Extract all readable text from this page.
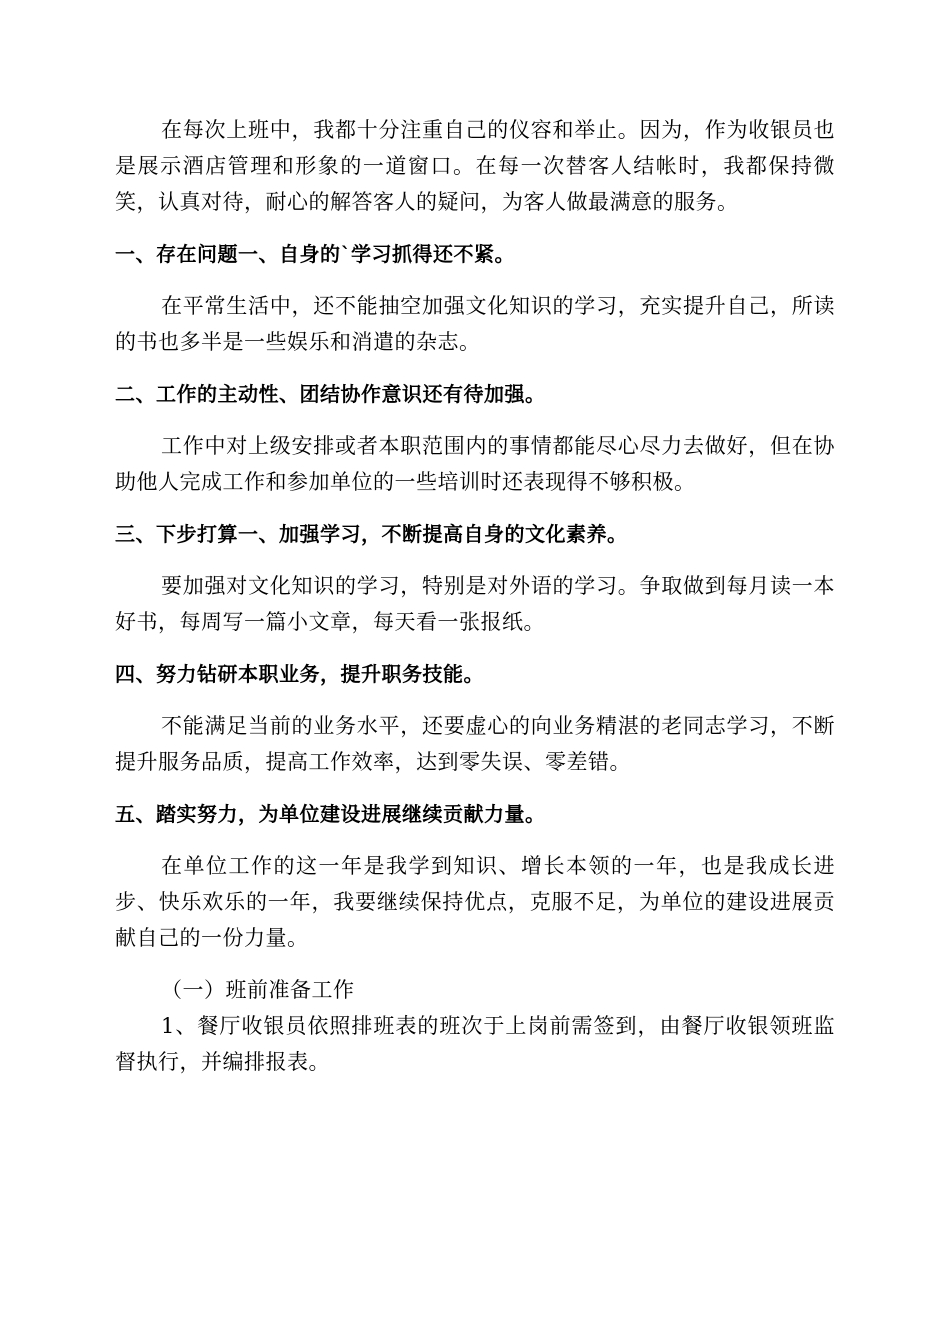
在每次上班中，我都十分注重自己的仪容和举止。因为，作为收银员也是展示酒店管理和形象的一道窗口。在每一次替客人结帐时，我都保持微笑，认真对待，耐心的解答客人的疑问，为客人做最满意的服务。

一、存在问题一、自身的`学习抓得还不紧。

在平常生活中，还不能抽空加强文化知识的学习，充实提升自己，所读的书也多半是一些娱乐和消遣的杂志。

二、工作的主动性、团结协作意识还有待加强。

工作中对上级安排或者本职范围内的事情都能尽心尽力去做好，但在协助他人完成工作和参加单位的一些培训时还表现得不够积极。

三、下步打算一、加强学习，不断提高自身的文化素养。

要加强对文化知识的学习，特别是对外语的学习。争取做到每月读一本好书，每周写一篇小文章，每天看一张报纸。

四、努力钻研本职业务，提升职务技能。

不能满足当前的业务水平，还要虚心的向业务精湛的老同志学习，不断提升服务品质，提高工作效率，达到零失误、零差错。

五、踏实努力，为单位建设进展继续贡献力量。

在单位工作的这一年是我学到知识、增长本领的一年，也是我成长进步、快乐欢乐的一年，我要继续保持优点，克服不足，为单位的建设进展贡献自己的一份力量。

（一）班前准备工作

1、餐厅收银员依照排班表的班次于上岗前需签到，由餐厅收银领班监督执行，并编排报表。
